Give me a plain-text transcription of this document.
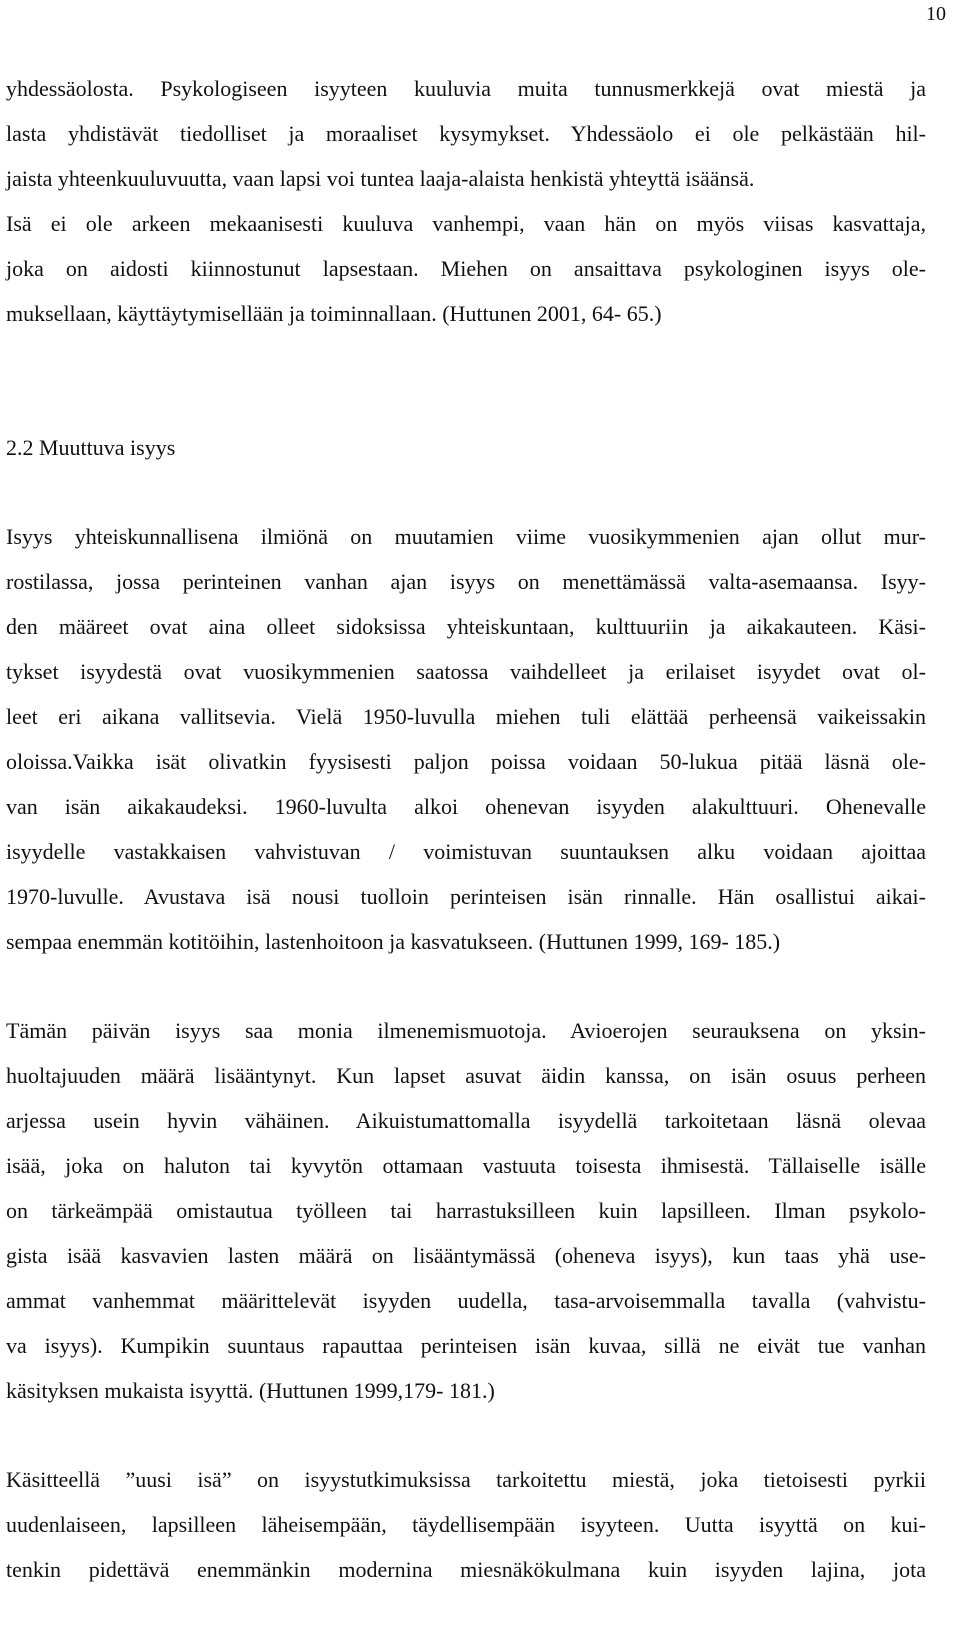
10
yhdessäolosta. Psykologiseen isyyteen kuuluvia muita tunnusmerkkejä ovat miestä ja
lasta yhdistävät tiedolliset ja moraaliset kysymykset. Yhdessäolo ei ole pelkästään hil-
jaista yhteenkuuluvuutta, vaan lapsi voi tuntea laaja-alaista henkistä yhteyttä isäänsä.
Isä ei ole arkeen mekaanisesti kuuluva vanhempi, vaan hän on myös viisas kasvattaja,
joka on aidosti kiinnostunut lapsestaan. Miehen on ansaittava psykologinen isyys ole-
muksellaan, käyttäytymisellään ja toiminnallaan. (Huttunen 2001, 64- 65.)
2.2 Muuttuva isyys
Isyys yhteiskunnallisena ilmiönä on muutamien viime vuosikymmenien ajan ollut mur-
rostilassa, jossa perinteinen vanhan ajan isyys on menettämässä valta-asemaansa. Isyy-
den määreet ovat aina olleet sidoksissa yhteiskuntaan, kulttuuriin ja aikakauteen. Käsi-
tykset isyydestä ovat vuosikymmenien saatossa vaihdelleet ja erilaiset isyydet ovat ol-
leet eri aikana vallitsevia. Vielä 1950-luvulla miehen tuli elättää perheensä vaikeissakin
oloissa.Vaikka isät olivatkin fyysisesti paljon poissa voidaan 50-lukua pitää läsnä ole-
van isän aikakaudeksi. 1960-luvulta alkoi ohenevan isyyden alakulttuuri. Ohenevalle
isyydelle vastakkaisen vahvistuvan / voimistuvan suuntauksen alku voidaan ajoittaa
1970-luvulle. Avustava isä nousi tuolloin perinteisen isän rinnalle. Hän osallistui aikai-
sempaa enemmän kotitöihin, lastenhoitoon ja kasvatukseen. (Huttunen 1999, 169- 185.)
Tämän päivän isyys saa monia ilmenemismuotoja. Avioerojen seurauksena on yksin-
huoltajuuden määrä lisääntynyt. Kun lapset asuvat äidin kanssa, on isän osuus perheen
arjessa usein hyvin vähäinen. Aikuistumattomalla isyydellä tarkoitetaan läsnä olevaa
isää, joka on haluton tai kyvytön ottamaan vastuuta toisesta ihmisestä. Tällaiselle isälle
on tärkeämpää omistautua työlleen tai harrastuksilleen kuin lapsilleen. Ilman psykolo-
gista isää kasvavien lasten määrä on lisääntymässä (oheneva isyys), kun taas yhä use-
ammat vanhemmat määrittelevät isyyden uudella, tasa-arvoisemmalla tavalla (vahvistu-
va isyys). Kumpikin suuntaus rapauttaa perinteisen isän kuvaa, sillä ne eivät tue vanhan
käsityksen mukaista isyyttä. (Huttunen 1999,179- 181.)
Käsitteellä ”uusi isä” on isyystutkimuksissa tarkoitettu miestä, joka tietoisesti pyrkii
uudenlaiseen, lapsilleen läheisempään, täydellisempään isyyteen. Uutta isyyttä on kui-
tenkin pidettävä enemmänkin modernina miesnäkökulmana kuin isyyden lajina, jota
